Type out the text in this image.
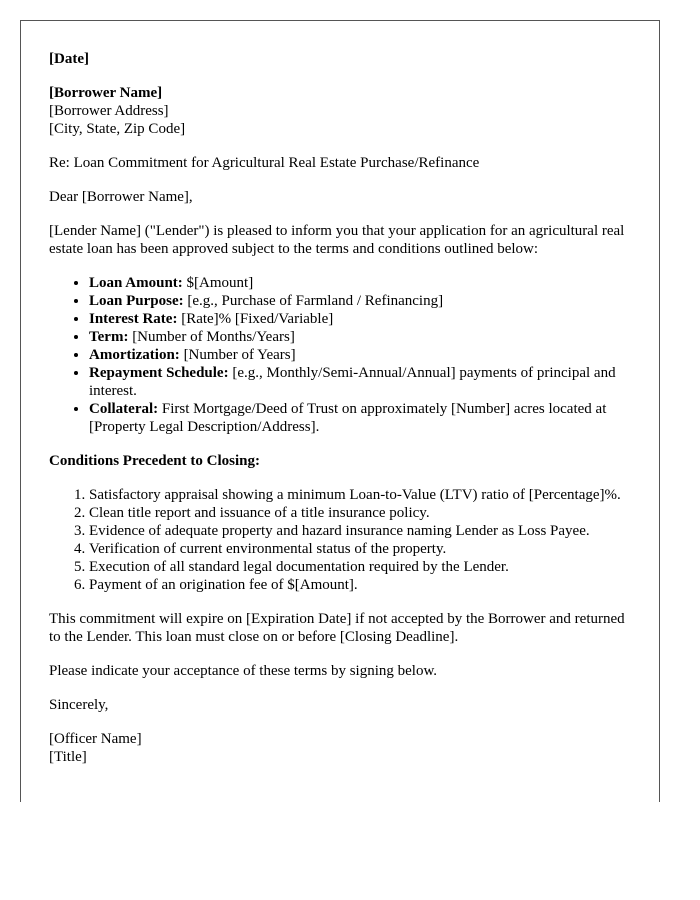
[Date]

[Borrower Name]

[Borrower Address]

[City, State, Zip Code]

Re: Loan Commitment for Agricultural Real Estate Purchase/Refinance

Dear [Borrower Name],

[Lender Name] ("Lender") is pleased to inform you that your application for an agricultural real estate loan has been approved subject to the terms and conditions outlined below:

• Loan Amount: $[Amount]
• Loan Purpose: [e.g., Purchase of Farmland / Refinancing]
• Interest Rate: [Rate]% [Fixed/Variable]
• Term: [Number of Months/Years]
• Amortization: [Number of Years]
• Repayment Schedule: [e.g., Monthly/Semi-Annual/Annual] payments of principal and interest.
• Collateral: First Mortgage/Deed of Trust on approximately [Number] acres located at [Property Legal Description/Address].

Conditions Precedent to Closing:

1. Satisfactory appraisal showing a minimum Loan-to-Value (LTV) ratio of [Percentage]%.
2. Clean title report and issuance of a title insurance policy.
3. Evidence of adequate property and hazard insurance naming Lender as Loss Payee.
4. Verification of current environmental status of the property.
5. Execution of all standard legal documentation required by the Lender.
6. Payment of an origination fee of $[Amount].

This commitment will expire on [Expiration Date] if not accepted by the Borrower and returned to the Lender. This loan must close on or before [Closing Deadline].

Please indicate your acceptance of these terms by signing below.

Sincerely,

[Officer Name]

[Title]
